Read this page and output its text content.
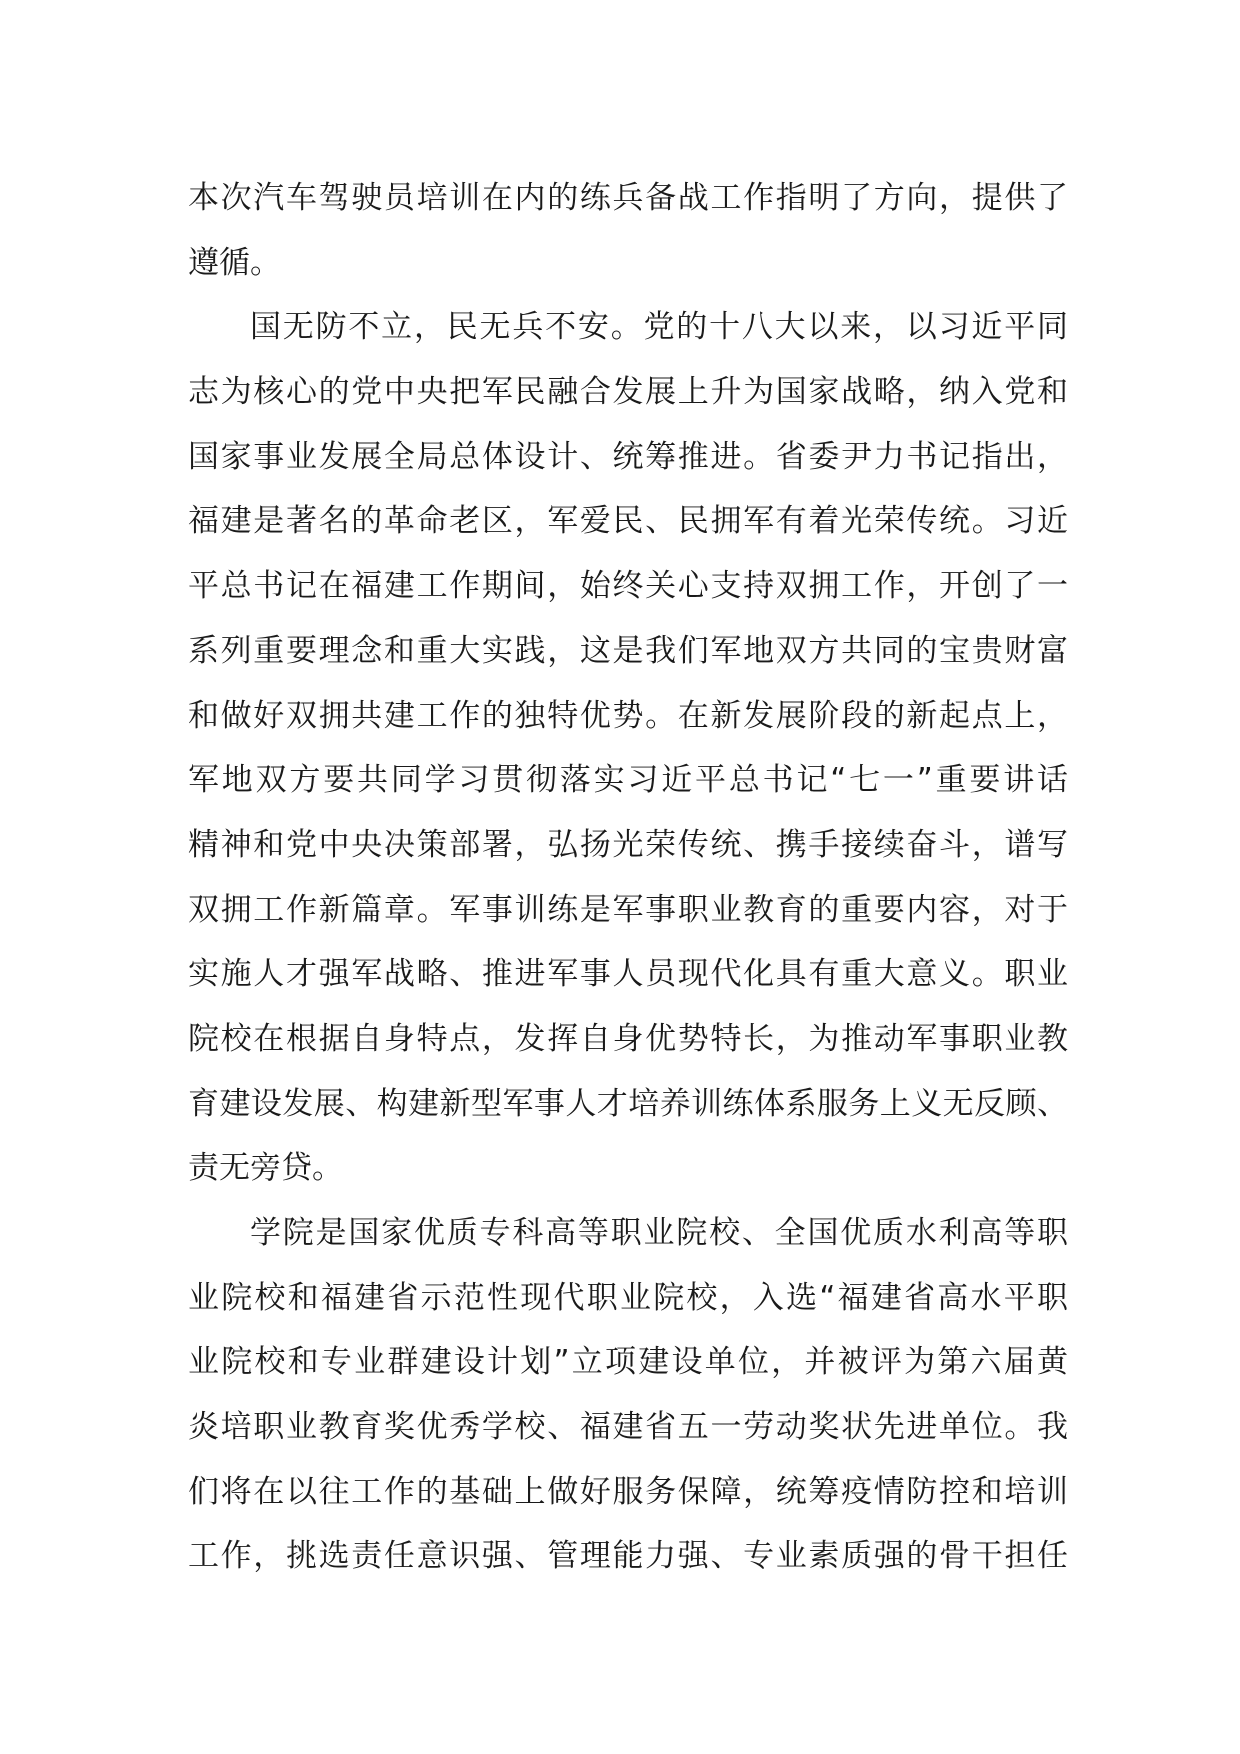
本次汽车驾驶员培训在内的练兵备战工作指明了方向，提供了
遵循。
国无防不立，民无兵不安。党的十八大以来，以习近平同
志为核心的党中央把军民融合发展上升为国家战略，纳入党和
国家事业发展全局总体设计、统筹推进。省委尹力书记指出，
福建是著名的革命老区，军爱民、民拥军有着光荣传统。习近
平总书记在福建工作期间，始终关心支持双拥工作，开创了一
系列重要理念和重大实践，这是我们军地双方共同的宝贵财富
和做好双拥共建工作的独特优势。在新发展阶段的新起点上，
军地双方要共同学习贯彻落实习近平总书记“七一”重要讲话
精神和党中央决策部署，弘扬光荣传统、携手接续奋斗，谱写
双拥工作新篇章。军事训练是军事职业教育的重要内容，对于
实施人才强军战略、推进军事人员现代化具有重大意义。职业
院校在根据自身特点，发挥自身优势特长，为推动军事职业教
育建设发展、构建新型军事人才培养训练体系服务上义无反顾、
责无旁贷。
学院是国家优质专科高等职业院校、全国优质水利高等职
业院校和福建省示范性现代职业院校，入选“福建省高水平职
业院校和专业群建设计划”立项建设单位，并被评为第六届黄
炎培职业教育奖优秀学校、福建省五一劳动奖状先进单位。我
们将在以往工作的基础上做好服务保障，统筹疫情防控和培训
工作，挑选责任意识强、管理能力强、专业素质强的骨干担任
